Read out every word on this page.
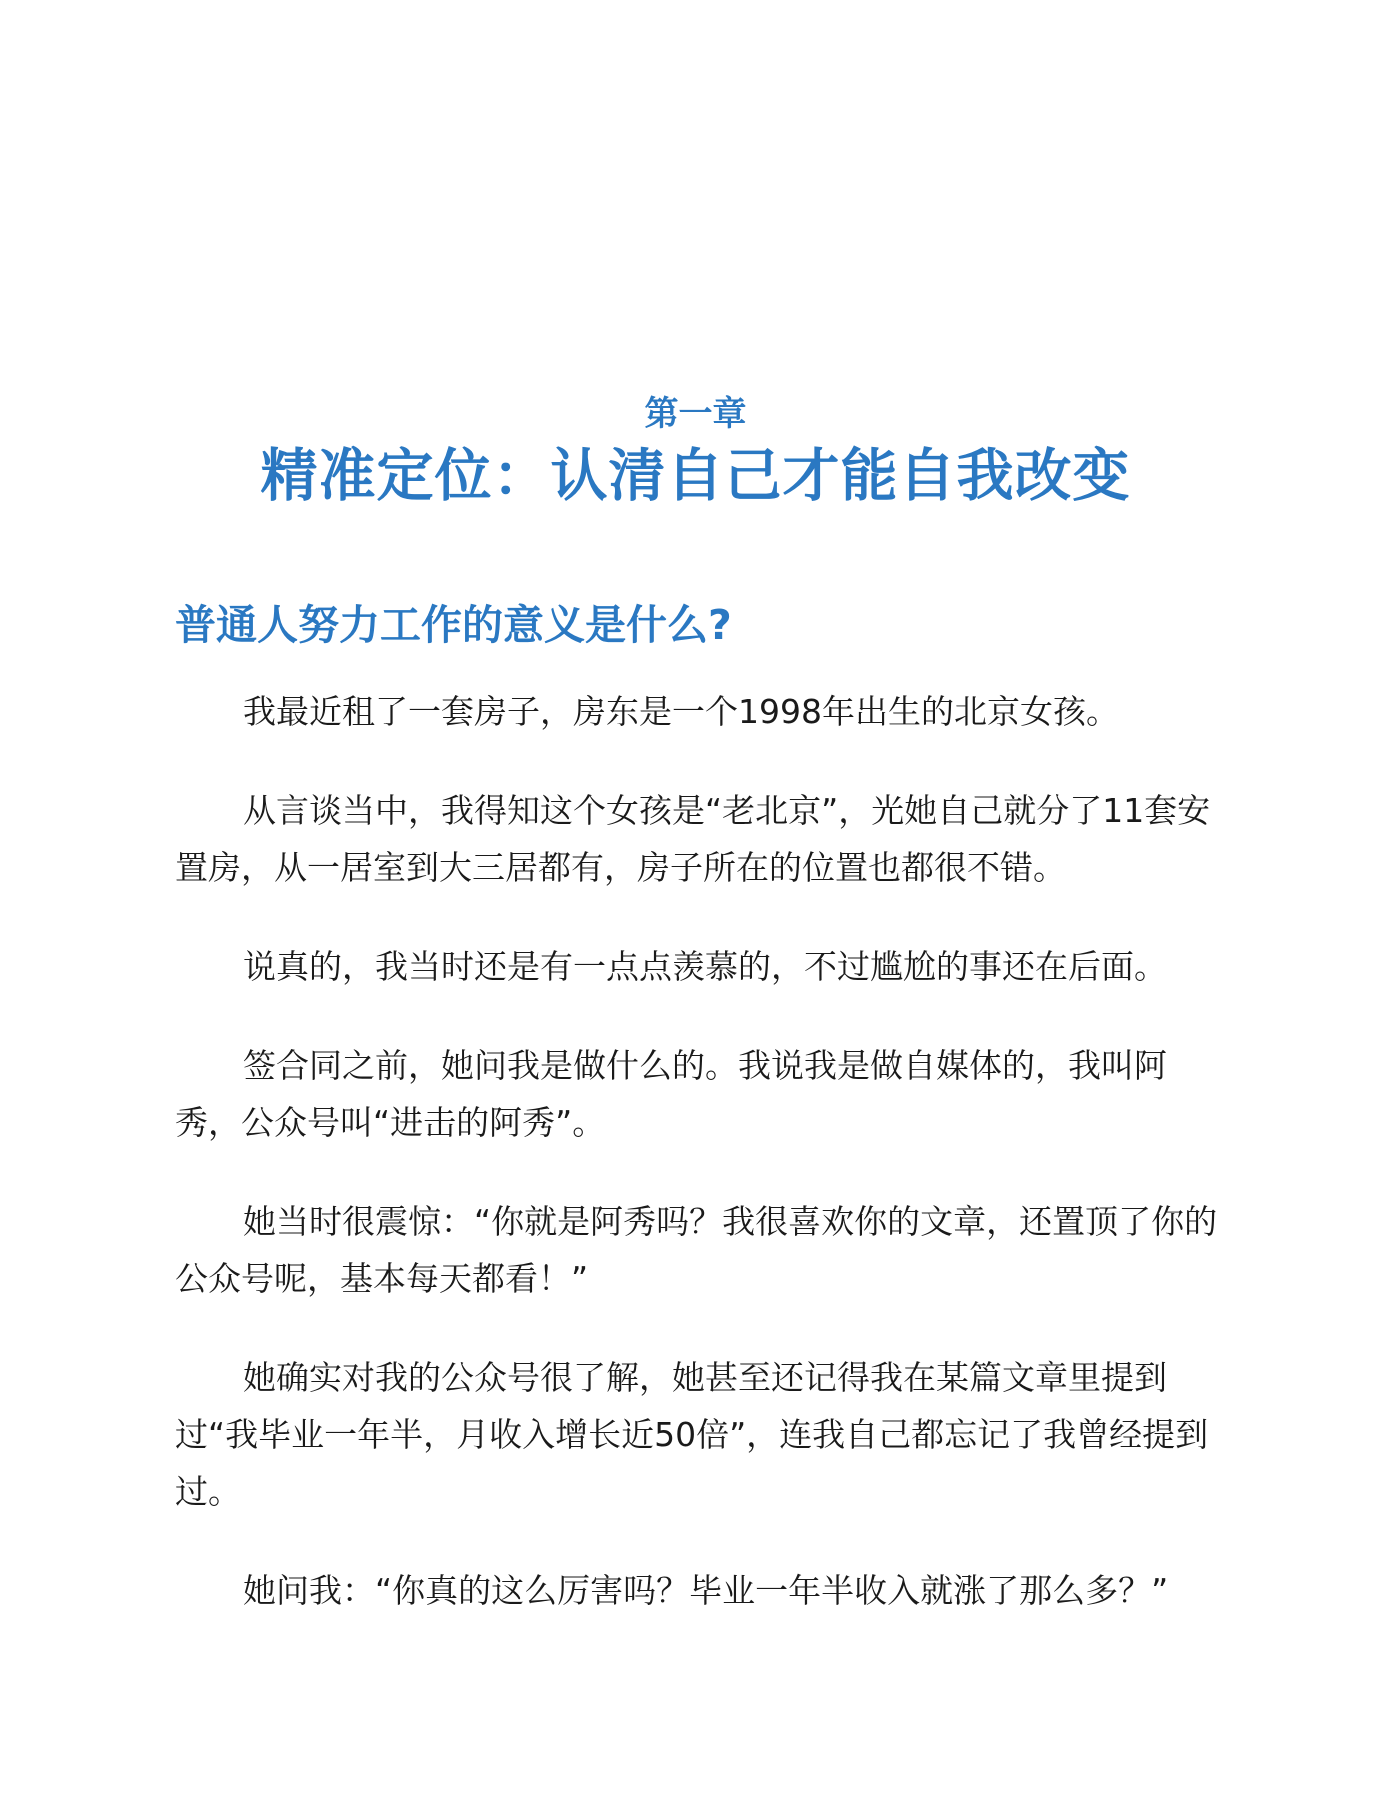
第一章
精准定位：认清自己才能自我改变
普通人努力工作的意义是什么?

我最近租了一套房子，房东是一个1998年出生的北京女孩。

从言谈当中，我得知这个女孩是“老北京”，光她自己就分了11套安置房，从一居室到大三居都有，房子所在的位置也都很不错。

说真的，我当时还是有一点点羡慕的，不过尴尬的事还在后面。

签合同之前，她问我是做什么的。我说我是做自媒体的，我叫阿秀，公众号叫“进击的阿秀”。

她当时很震惊：“你就是阿秀吗？我很喜欢你的文章，还置顶了你的公众号呢，基本每天都看！”

她确实对我的公众号很了解，她甚至还记得我在某篇文章里提到过“我毕业一年半，月收入增长近50倍”，连我自己都忘记了我曾经提到过。

她问我：“你真的这么厉害吗？毕业一年半收入就涨了那么多？”
